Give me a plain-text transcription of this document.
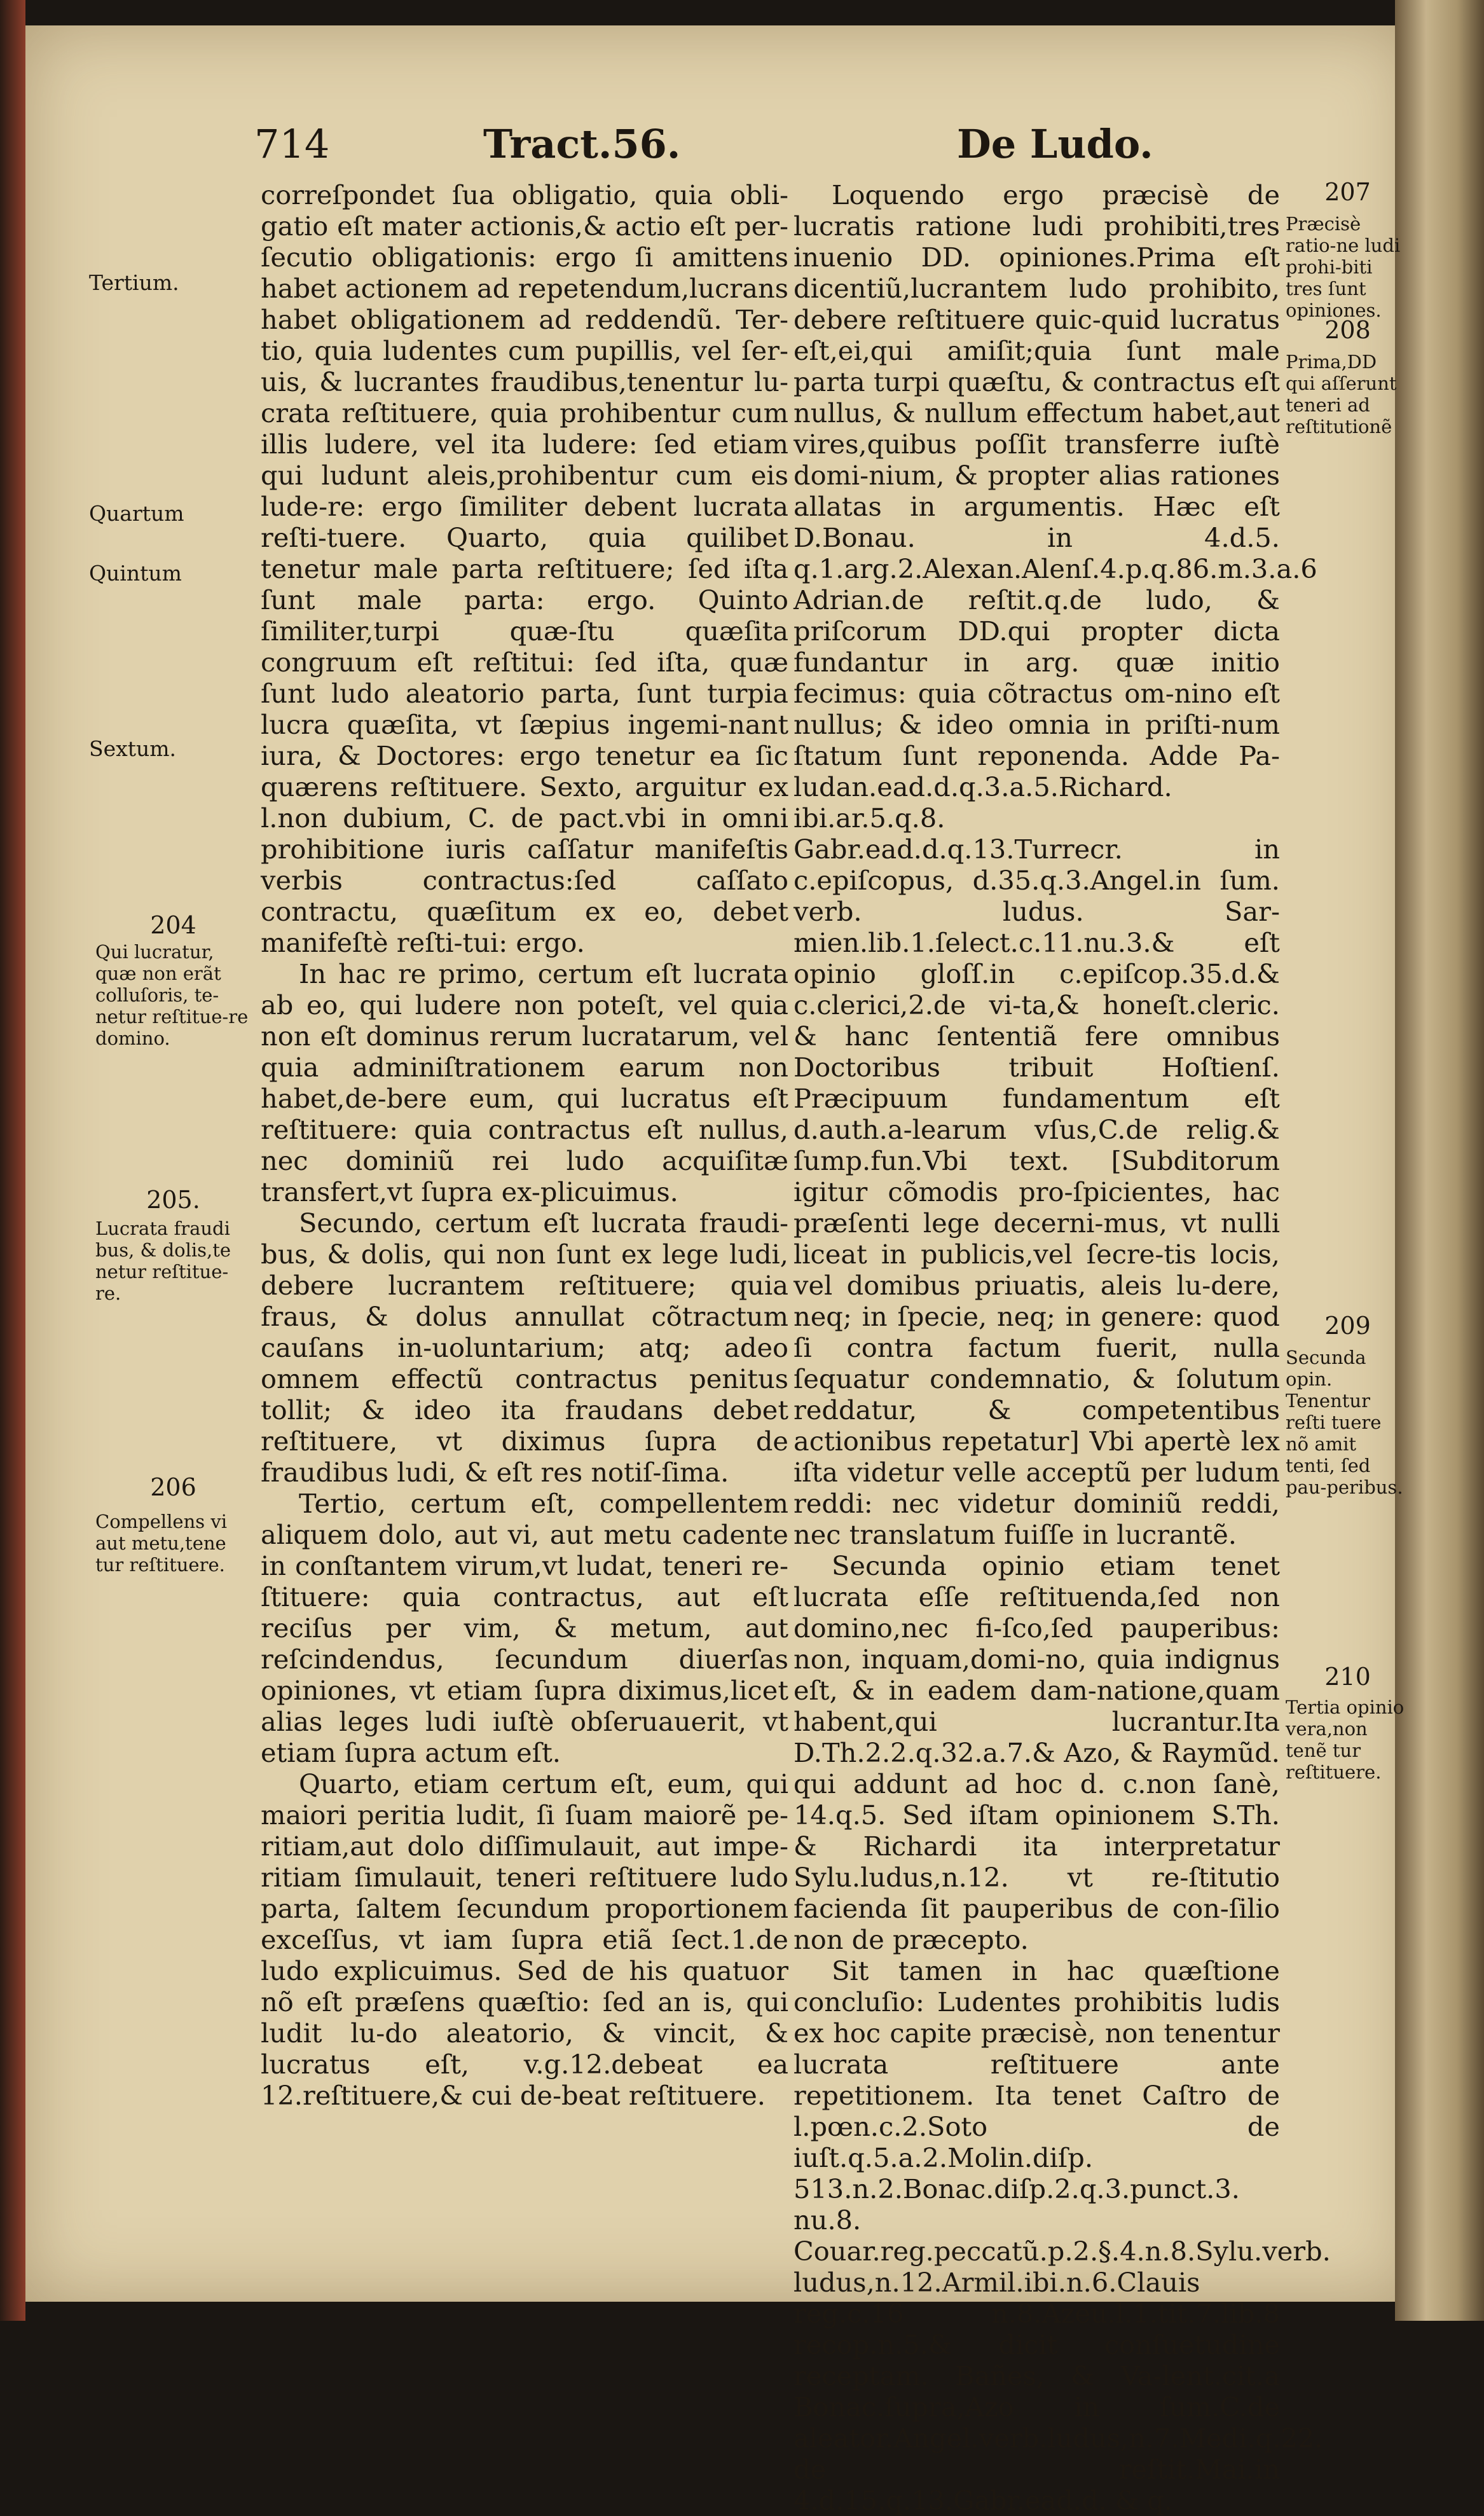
714	Tract.56.	De Ludo.

correſpondet ſua obligatio, quia obli-gatio eſt mater actionis,& actio eſt per-ſecutio obligationis: ergo ſi amittens habet actionem ad repetendum,lucrans habet obligationem ad reddendũ. Ter-tio, quia ludentes cum pupillis, vel ſer-uis, & lucrantes fraudibus,tenentur lu-crata reſtituere, quia prohibentur cum illis ludere, vel ita ludere: ſed etiam qui ludunt aleis,prohibentur cum eis lude-re: ergo ſimiliter debent lucrata reſti-tuere. Quarto, quia quilibet tenetur male parta reſtituere; ſed iſta ſunt male parta: ergo. Quinto ſimiliter,turpi quæ-ſtu quæſita congruum eſt reſtitui: ſed iſta, quæ ſunt ludo aleatorio parta, ſunt turpia lucra quæſita, vt ſæpius ingemi-nant iura, & Doctores: ergo tenetur ea ſic quærens reſtituere. Sexto, arguitur ex l.non dubium, C. de pact.vbi in omni prohibitione iuris caſſatur manifeſtis verbis contractus:ſed caſſato contractu, quæſitum ex eo, debet manifeſtè reſti-tui: ergo.

In hac re primo, certum eſt lucrata ab eo, qui ludere non poteſt, vel quia non eſt dominus rerum lucratarum, vel quia adminiſtrationem earum non habet,de-bere eum, qui lucratus eſt reſtituere: quia contractus eſt nullus, nec dominiũ rei ludo acquiſitæ transfert,vt ſupra ex-plicuimus.

Secundo, certum eſt lucrata fraudi-bus, & dolis, qui non ſunt ex lege ludi, debere lucrantem reſtituere; quia fraus, & dolus annullat cõtractum cauſans in-uoluntarium; atq; adeo omnem effectũ contractus penitus tollit; & ideo ita fraudans debet reſtituere, vt diximus ſupra de fraudibus ludi, & eſt res notiſ-ſima.

Tertio, certum eſt, compellentem aliquem dolo, aut vi, aut metu cadente in conſtantem virum,vt ludat, teneri re-ſtituere: quia contractus, aut eſt reciſus per vim, & metum, aut reſcindendus, ſecundum diuerſas opiniones, vt etiam ſupra diximus,licet alias leges ludi iuſtè obſeruauerit, vt etiam ſupra actum eſt.

Quarto, etiam certum eſt, eum, qui maiori peritia ludit, ſi ſuam maiorẽ pe-ritiam,aut dolo diſſimulauit, aut impe-ritiam ſimulauit, teneri reſtituere ludo parta, ſaltem ſecundum proportionem exceſſus, vt iam ſupra etiã ſect.1.de ludo explicuimus. Sed de his quatuor nõ eſt præſens quæſtio: ſed an is, qui ludit lu-do aleatorio, & vincit, & lucratus eſt, v.g.12.debeat ea 12.reſtituere,& cui de-beat reſtituere.

Loquendo ergo præcisè de lucratis ratione ludi prohibiti,tres inuenio DD. opiniones.Prima eſt dicentiũ,lucrantem ludo prohibito, debere reſtituere quic-quid lucratus eſt,ei,qui amiſit;quia ſunt male parta turpi quæſtu, & contractus eſt nullus, & nullum effectum habet,aut vires,quibus poſſit transferre iuſtè domi-nium, & propter alias rationes allatas in argumentis. Hæc eſt D.Bonau. in 4.d.5. q.1.arg.2.Alexan.Alenſ.4.p.q.86.m.3.a.6 Adrian.de reſtit.q.de ludo, & priſcorum DD.qui propter dicta fundantur in arg. quæ initio fecimus: quia cõtractus om-nino eſt nullus; & ideo omnia in priſti-num ſtatum ſunt reponenda. Adde Pa-ludan.ead.d.q.3.a.5.Richard. ibi.ar.5.q.8. Gabr.ead.d.q.13.Turrecr. in c.epiſcopus, d.35.q.3.Angel.in ſum. verb. ludus. Sar-mien.lib.1.ſelect.c.11.nu.3.& eſt opinio gloſſ.in c.epiſcop.35.d.& c.clerici,2.de vi-ta,& honeſt.cleric. & hanc ſententiã fere omnibus Doctoribus tribuit Hoſtienſ. Præcipuum fundamentum eſt d.auth.a-learum vſus,C.de relig.& ſump.fun.Vbi text. [Subditorum igitur cõmodis pro-ſpicientes, hac præſenti lege decerni-mus, vt nulli liceat in publicis,vel ſecre-tis locis, vel domibus priuatis, aleis lu-dere, neq; in ſpecie, neq; in genere: quod ſi contra factum fuerit, nulla ſequatur condemnatio, & ſolutum reddatur, & competentibus actionibus repetatur] Vbi apertè lex iſta videtur velle acceptũ per ludum reddi: nec videtur dominiũ reddi, nec translatum fuiſſe in lucrantẽ.

Secunda opinio etiam tenet lucrata eſſe reſtituenda,ſed non domino,nec fi-ſco,ſed pauperibus: non, inquam,domi-no, quia indignus eſt, & in eadem dam-natione,quam habent,qui lucrantur.Ita D.Th.2.2.q.32.a.7.& Azo, & Raymũd. qui addunt ad hoc d. c.non ſanè, 14.q.5. Sed iſtam opinionem S.Th. & Richardi ita interpretatur Sylu.ludus,n.12. vt re-ſtitutio facienda ſit pauperibus de con-ſilio non de præcepto.

Sit tamen in hac quæſtione concluſio: Ludentes prohibitis ludis ex hoc capite præcisè, non tenentur lucrata reſtituere ante repetitionem. Ita tenet Caſtro de l.pœn.c.2.Soto de iuſt.q.5.a.2.Molin.diſp. 513.n.2.Bonac.diſp.2.q.3.punct.3. nu.8. Couar.reg.peccatũ.p.2.§.4.n.8.Sylu.verb. ludus,n.12.Armil.ibi.n.6.Clauis reg.c.16 n.8.Azeu.l.1.tit.7.lib.8 recop.n.5.& dicit conſuetudine receptam. Bañes, & Va-lent.cit.a Bonac.ſupra,Azo in ſum.C.de aleator.Angel.verb.ludus,n.7.Medi.q.22. de reſtit.Mai.in 4.d.15.q.13.Gabr.ead.d. & q.

Tertium.
Quartum
Quintum
Sextum.
204
Qui lucratur, quæ non erãt colluſoris, te-netur reſtitue-re domino.
205.
Lucrata fraudi bus, & dolis,te netur reſtitue-re.
206
Compellens vi aut metu,tene tur reſtituere.
207
Præcisè ratio-ne ludi prohi-biti tres ſunt opiniones.
208
Prima,DD qui aſſerunt teneri ad reſtitutionẽ
209
Secunda opin. Tenentur reſti tuere nõ amit tenti, ſed pau-peribus.
210
Tertia opinio vera,non tenẽ tur reſtituere.
